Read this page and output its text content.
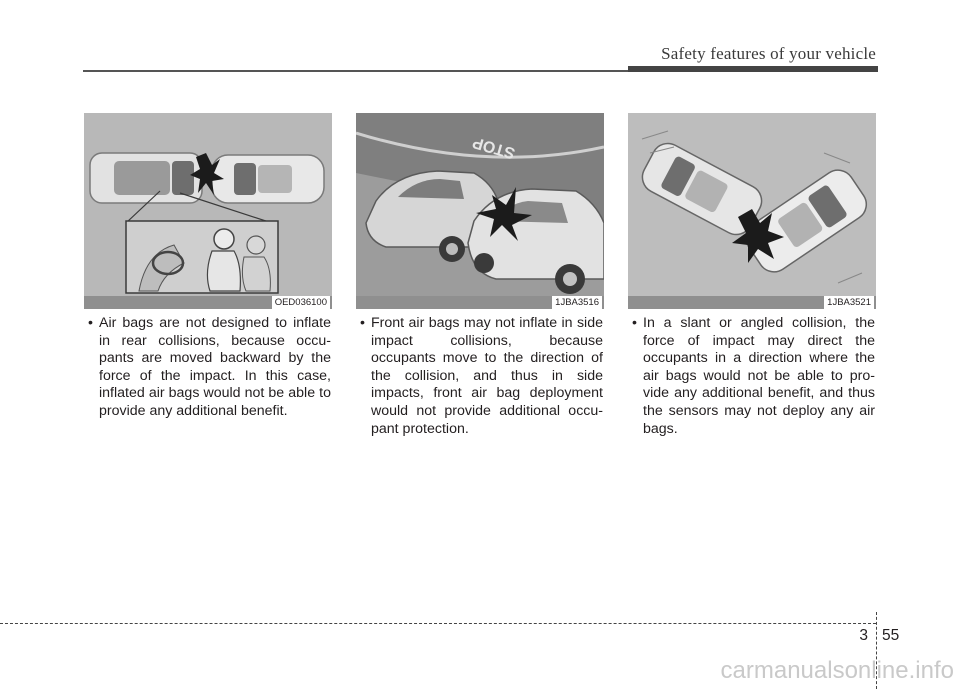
Safety features of your vehicle
OED036100
STOP
1JBA3516	1JBA3521

• Air bags are not designed to inflate in rear collisions, because occu-pants are moved backward by the force of the impact. In this case, inflated air bags would not be able to provide any additional benefit.

• Front air bags may not inflate in side impact collisions, because occupants move to the direction of the collision, and thus in side impacts, front air bag deployment would not provide additional occu-pant protection.

• In a slant or angled collision, the force of impact may direct the occupants in a direction where the air bags would not be able to pro-vide any additional benefit, and thus the sensors may not deploy any air bags.

3 55
carmanualsonline.info
